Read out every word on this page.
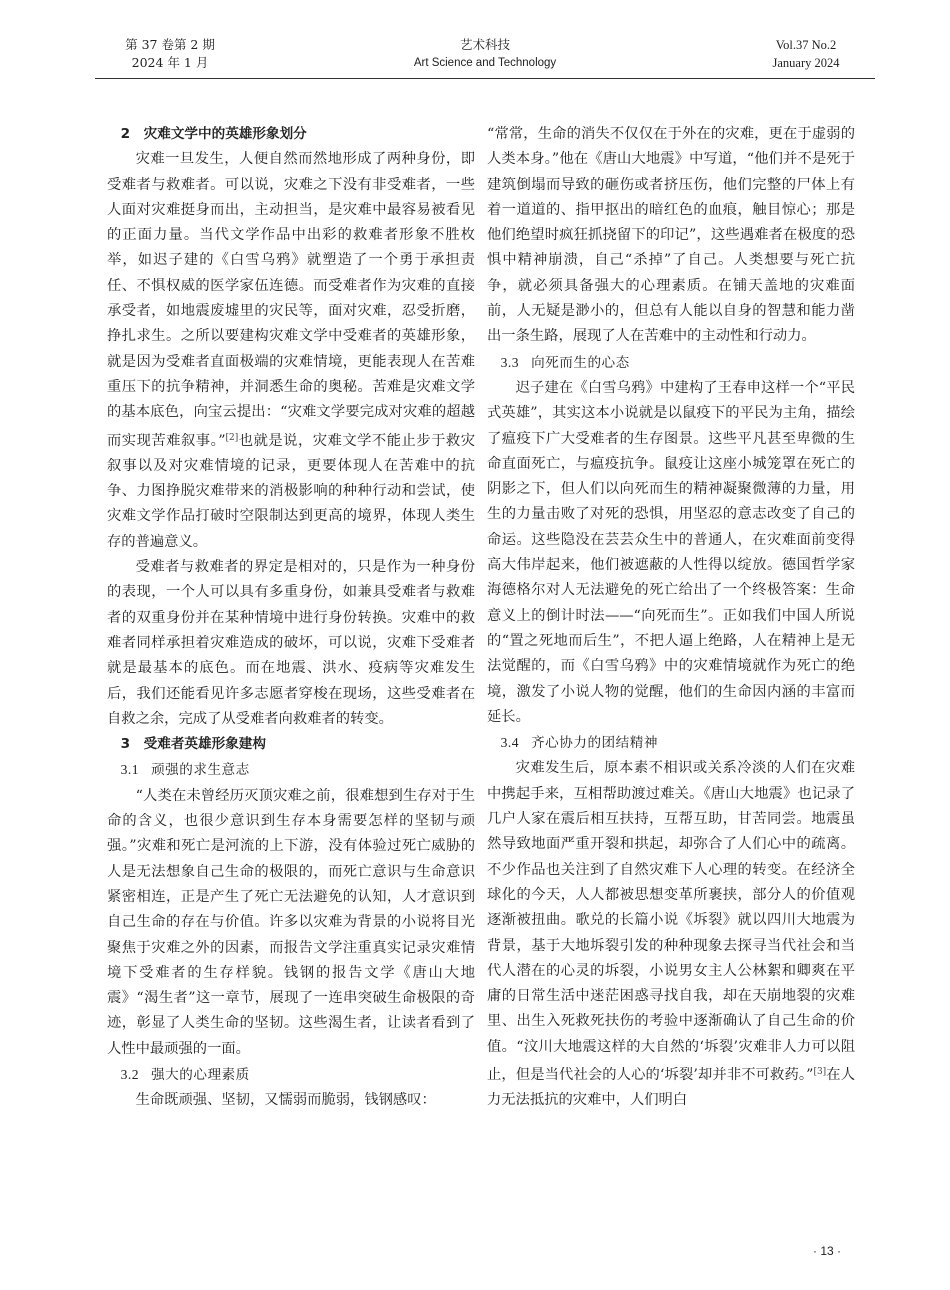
第 37 卷第 2 期
2024 年 1 月
艺术科技
Art Science and Technology
Vol.37 No.2
January 2024
2　灾难文学中的英雄形象划分

灾难一旦发生，人便自然而然地形成了两种身份，即受难者与救难者。可以说，灾难之下没有非受难者，一些人面对灾难挺身而出，主动担当，是灾难中最容易被看见的正面力量。当代文学作品中出彩的救难者形象不胜枚举，如迟子建的《白雪乌鸦》就塑造了一个勇于承担责任、不惧权威的医学家伍连德。而受难者作为灾难的直接承受者，如地震废墟里的灾民等，面对灾难，忍受折磨，挣扎求生。之所以要建构灾难文学中受难者的英雄形象，就是因为受难者直面极端的灾难情境，更能表现人在苦难重压下的抗争精神，并洞悉生命的奥秘。苦难是灾难文学的基本底色，向宝云提出：“灾难文学要完成对灾难的超越而实现苦难叙事。”[2]也就是说，灾难文学不能止步于救灾叙事以及对灾难情境的记录，更要体现人在苦难中的抗争、力图挣脱灾难带来的消极影响的种种行动和尝试，使灾难文学作品打破时空限制达到更高的境界，体现人类生存的普遍意义。

受难者与救难者的界定是相对的，只是作为一种身份的表现，一个人可以具有多重身份，如兼具受难者与救难者的双重身份并在某种情境中进行身份转换。灾难中的救难者同样承担着灾难造成的破坏，可以说，灾难下受难者就是最基本的底色。而在地震、洪水、疫病等灾难发生后，我们还能看见许多志愿者穿梭在现场，这些受难者在自救之余，完成了从受难者向救难者的转变。

3　受难者英雄形象建构
3.1 顽强的求生意志

“人类在未曾经历灭顶灾难之前，很难想到生存对于生命的含义，也很少意识到生存本身需要怎样的坚韧与顽强。”灾难和死亡是河流的上下游，没有体验过死亡威胁的人是无法想象自己生命的极限的，而死亡意识与生命意识紧密相连，正是产生了死亡无法避免的认知，人才意识到自己生命的存在与价值。许多以灾难为背景的小说将目光聚焦于灾难之外的因素，而报告文学注重真实记录灾难情境下受难者的生存样貌。钱钢的报告文学《唐山大地震》“渴生者”这一章节，展现了一连串突破生命极限的奇迹，彰显了人类生命的坚韧。这些渴生者，让读者看到了人性中最顽强的一面。

3.2 强大的心理素质

生命既顽强、坚韧，又懦弱而脆弱，钱钢感叹：

“常常，生命的消失不仅仅在于外在的灾难，更在于虚弱的人类本身。”他在《唐山大地震》中写道，“他们并不是死于建筑倒塌而导致的砸伤或者挤压伤，他们完整的尸体上有着一道道的、指甲抠出的暗红色的血痕，触目惊心；那是他们绝望时疯狂抓挠留下的印记”，这些遇难者在极度的恐惧中精神崩溃，自己“杀掉”了自己。人类想要与死亡抗争，就必须具备强大的心理素质。在铺天盖地的灾难面前，人无疑是渺小的，但总有人能以自身的智慧和能力凿出一条生路，展现了人在苦难中的主动性和行动力。

3.3 向死而生的心态

迟子建在《白雪乌鸦》中建构了王春申这样一个“平民式英雄”，其实这本小说就是以鼠疫下的平民为主角，描绘了瘟疫下广大受难者的生存图景。这些平凡甚至卑微的生命直面死亡，与瘟疫抗争。鼠疫让这座小城笼罩在死亡的阴影之下，但人们以向死而生的精神凝聚微薄的力量，用生的力量击败了对死的恐惧，用坚忍的意志改变了自己的命运。这些隐没在芸芸众生中的普通人，在灾难面前变得高大伟岸起来，他们被遮蔽的人性得以绽放。德国哲学家海德格尔对人无法避免的死亡给出了一个终极答案：生命意义上的倒计时法——“向死而生”。正如我们中国人所说的“置之死地而后生”，不把人逼上绝路，人在精神上是无法觉醒的，而《白雪乌鸦》中的灾难情境就作为死亡的绝境，激发了小说人物的觉醒，他们的生命因内涵的丰富而延长。

3.4 齐心协力的团结精神

灾难发生后，原本素不相识或关系冷淡的人们在灾难中携起手来，互相帮助渡过难关。《唐山大地震》也记录了几户人家在震后相互扶持，互帮互助，甘苦同尝。地震虽然导致地面严重开裂和拱起，却弥合了人们心中的疏离。不少作品也关注到了自然灾难下人心理的转变。在经济全球化的今天，人人都被思想变革所裹挟，部分人的价值观逐渐被扭曲。歌兑的长篇小说《坼裂》就以四川大地震为背景，基于大地坼裂引发的种种现象去探寻当代社会和当代人潜在的心灵的坼裂，小说男女主人公林絮和卿爽在平庸的日常生活中迷茫困惑寻找自我，却在天崩地裂的灾难里、出生入死救死扶伤的考验中逐渐确认了自己生命的价值。“汶川大地震这样的大自然的‘坼裂’灾难非人力可以阻止，但是当代社会的人心的‘坼裂’却并非不可救药。”[3]在人力无法抵抗的灾难中，人们明白

· 13 ·
